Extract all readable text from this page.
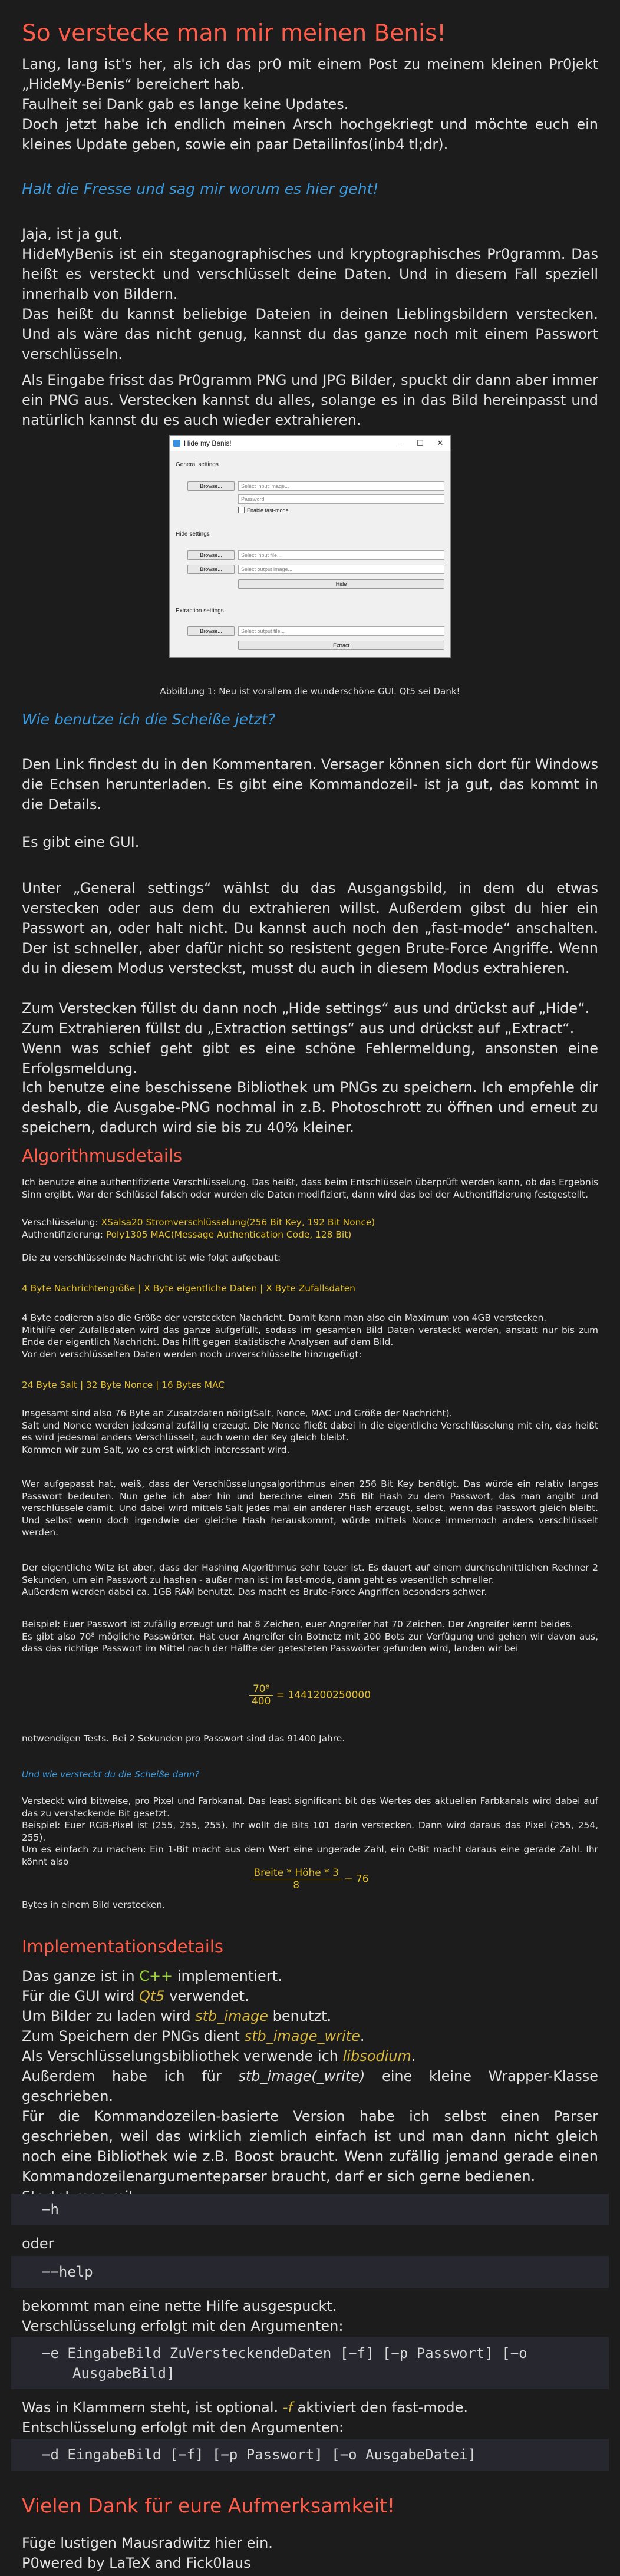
So verstecke man mir meinen Benis!

Lang, lang ist's her, als ich das pr0 mit einem Post zu meinem kleinen Pr0jekt „HideMy-Benis“ bereichert hab.

Faulheit sei Dank gab es lange keine Updates.

Doch jetzt habe ich endlich meinen Arsch hochgekriegt und möchte euch ein kleines Update geben, sowie ein paar Detailinfos(inb4 tl;dr).

Halt die Fresse und sag mir worum es hier geht!

Jaja, ist ja gut.

HideMyBenis ist ein steganographisches und kryptographisches Pr0gramm. Das heißt es versteckt und verschlüsselt deine Daten. Und in diesem Fall speziell innerhalb von Bildern.

Das heißt du kannst beliebige Dateien in deinen Lieblingsbildern verstecken. Und als wäre das nicht genug, kannst du das ganze noch mit einem Passwort verschlüsseln.

Als Eingabe frisst das Pr0gramm PNG und JPG Bilder, spuckt dir dann aber immer ein PNG aus. Verstecken kannst du alles, solange es in das Bild hereinpasst und natürlich kannst du es auch wieder extrahieren.

Hide my Benis!	—	☐	✕
General settings
Browse...	Select input image...
Password
Enable fast-mode
Hide settings
Browse...	Select input file...
Browse...	Select output image...
Hide
Extraction settings
Browse...	Select output file...
Extract
Abbildung 1: Neu ist vorallem die wunderschöne GUI. Qt5 sei Dank!
Wie benutze ich die Scheiße jetzt?

Den Link findest du in den Kommentaren. Versager können sich dort für Windows die Echsen herunterladen. Es gibt eine Kommandozeil- ist ja gut, das kommt in die Details.

Es gibt eine GUI.

Unter „General settings“ wählst du das Ausgangsbild, in dem du etwas verstecken oder aus dem du extrahieren willst. Außerdem gibst du hier ein Passwort an, oder halt nicht. Du kannst auch noch den „fast-mode“ anschalten. Der ist schneller, aber dafür nicht so resistent gegen Brute-Force Angriffe. Wenn du in diesem Modus versteckst, musst du auch in diesem Modus extrahieren.

Zum Verstecken füllst du dann noch „Hide settings“ aus und drückst auf „Hide“.

Zum Extrahieren füllst du „Extraction settings“ aus und drückst auf „Extract“.

Wenn was schief geht gibt es eine schöne Fehlermeldung, ansonsten eine Erfolgsmeldung.

Ich benutze eine beschissene Bibliothek um PNGs zu speichern. Ich empfehle dir deshalb, die Ausgabe-PNG nochmal in z.B. Photoschrott zu öffnen und erneut zu speichern, dadurch wird sie bis zu 40% kleiner.

Algorithmusdetails

Ich benutze eine authentifizierte Verschlüsselung. Das heißt, dass beim Entschlüsseln überprüft werden kann, ob das Ergebnis Sinn ergibt. War der Schlüssel falsch oder wurden die Daten modifiziert, dann wird das bei der Authentifizierung festgestellt.

Verschlüsselung: XSalsa20 Stromverschlüsselung(256 Bit Key, 192 Bit Nonce)

Authentifizierung: Poly1305 MAC(Message Authentication Code, 128 Bit)

Die zu verschlüsselnde Nachricht ist wie folgt aufgebaut:

4 Byte Nachrichtengröße | X Byte eigentliche Daten | X Byte Zufallsdaten

4 Byte codieren also die Größe der versteckten Nachricht. Damit kann man also ein Maximum von 4GB verstecken.

Mithilfe der Zufallsdaten wird das ganze aufgefüllt, sodass im gesamten Bild Daten versteckt werden, anstatt nur bis zum Ende der eigentlich Nachricht. Das hilft gegen statistische Analysen auf dem Bild.

Vor den verschlüsselten Daten werden noch unverschlüsselte hinzugefügt:

24 Byte Salt | 32 Byte Nonce | 16 Bytes MAC

Insgesamt sind also 76 Byte an Zusatzdaten nötig(Salt, Nonce, MAC und Größe der Nachricht).

Salt und Nonce werden jedesmal zufällig erzeugt. Die Nonce fließt dabei in die eigentliche Verschlüsselung mit ein, das heißt es wird jedesmal anders Verschlüsselt, auch wenn der Key gleich bleibt.

Kommen wir zum Salt, wo es erst wirklich interessant wird.

Wer aufgepasst hat, weiß, dass der Verschlüsselungsalgorithmus einen 256 Bit Key benötigt. Das würde ein relativ langes Passwort bedeuten. Nun gehe ich aber hin und berechne einen 256 Bit Hash zu dem Passwort, das man angibt und verschlüssele damit. Und dabei wird mittels Salt jedes mal ein anderer Hash erzeugt, selbst, wenn das Passwort gleich bleibt. Und selbst wenn doch irgendwie der gleiche Hash herauskommt, würde mittels Nonce immernoch anders verschlüsselt werden.

Der eigentliche Witz ist aber, dass der Hashing Algorithmus sehr teuer ist. Es dauert auf einem durchschnittlichen Rechner 2 Sekunden, um ein Passwort zu hashen - außer man ist im fast-mode, dann geht es wesentlich schneller.

Außerdem werden dabei ca. 1GB RAM benutzt. Das macht es Brute-Force Angriffen besonders schwer.

Beispiel: Euer Passwort ist zufällig erzeugt und hat 8 Zeichen, euer Angreifer hat 70 Zeichen. Der Angreifer kennt beides.

Es gibt also 70⁸ mögliche Passwörter. Hat euer Angreifer ein Botnetz mit 200 Bots zur Verfügung und gehen wir davon aus, dass das richtige Passwort im Mittel nach der Hälfte der getesteten Passwörter gefunden wird, landen wir bei

$\frac{\text{70⁸}}{400} = 1441200250000$

notwendigen Tests. Bei 2 Sekunden pro Passwort sind das 91400 Jahre.

Und wie versteckt du die Scheiße dann?

Versteckt wird bitweise, pro Pixel und Farbkanal. Das least significant bit des Wertes des aktuellen Farbkanals wird dabei auf das zu versteckende Bit gesetzt.

Beispiel: Euer RGB-Pixel ist (255, 255, 255). Ihr wollt die Bits 101 darin verstecken. Dann wird daraus das Pixel (255, 254, 255).

Um es einfach zu machen: Ein 1-Bit macht aus dem Wert eine ungerade Zahl, ein 0-Bit macht daraus eine gerade Zahl. Ihr könnt also

$\frac{\text{Breite * Höhe * 3}}{8} - 76$

Bytes in einem Bild verstecken.

Implementationsdetails

Das ganze ist in C++ implementiert.

Für die GUI wird Qt5 verwendet.

Um Bilder zu laden wird stb_image benutzt.

Zum Speichern der PNGs dient stb_image_write.

Als Verschlüsselungsbibliothek verwende ich libsodium.

Außerdem habe ich für stb_image(_write) eine kleine Wrapper-Klasse geschrieben.

Für die Kommandozeilen-basierte Version habe ich selbst einen Parser geschrieben, weil das wirklich ziemlich einfach ist und man dann nicht gleich noch eine Bibliothek wie z.B. Boost braucht. Wenn zufällig jemand gerade einen Kommandozeilenargumenteparser braucht, darf er sich gerne bedienen.

−h

oder

−−help

bekommt man eine nette Hilfe ausgespuckt.

Verschlüsselung erfolgt mit den Argumenten:

−e EingabeBild ZuVersteckendeDaten [−f] [−p Passwort] [−o
AusgabeBild]

Was in Klammern steht, ist optional. -f aktiviert den fast-mode.

Entschlüsselung erfolgt mit den Argumenten:

−d EingabeBild [−f] [−p Passwort] [−o AusgabeDatei]
Vielen Dank für eure Aufmerksamkeit!

Füge lustigen Mausradwitz hier ein.

P0wered by LaTeX and Fick0laus
